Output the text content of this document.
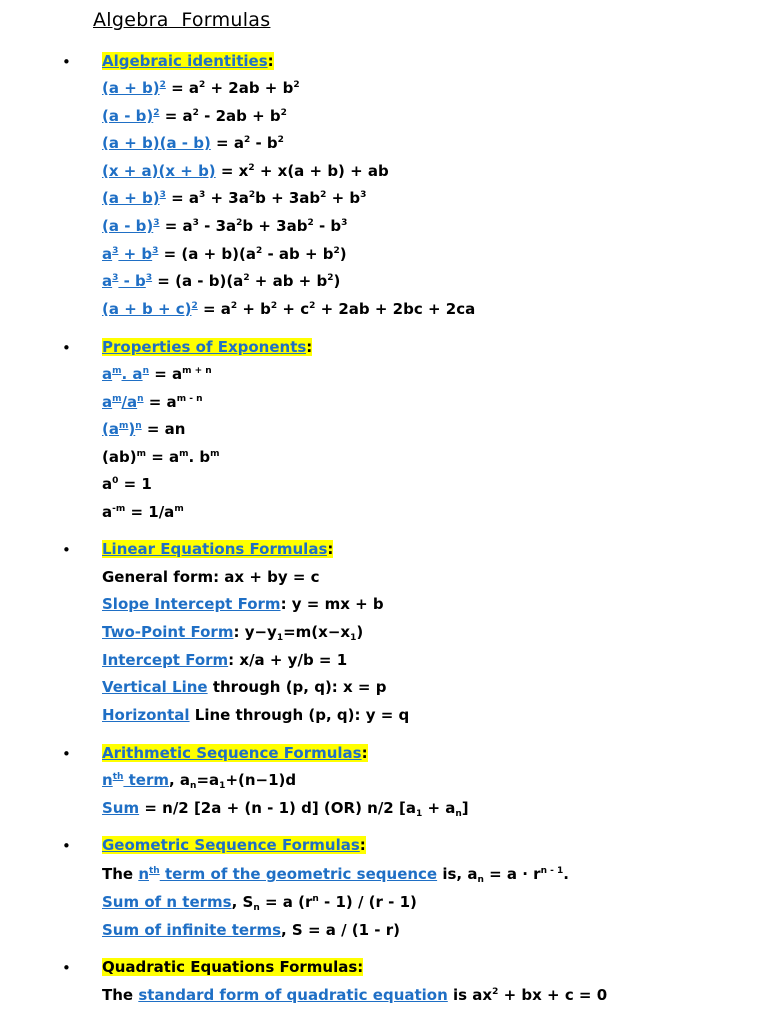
Algebra  Formulas
• Algebraic identities:
$(a + b)^2 = a^2 + 2ab + b^2$
$(a - b)^2 = a^2 - 2ab + b^2$
$(a + b)(a - b) = a^2 - b^2$
$(x + a)(x + b) = x^2 + x(a + b)$ + ab
$(a + b)^3 = a^3 + 3a^2b + 3ab^2 + b^3$
$(a - b)^3 = a^3 - 3a^2b + 3ab^2 - b^3$
$a^3 + b^3 = (a + b)(a^2$ - ab + $b^2$)
$a^3 - b^3 = (a - b)(a^2$ + ab + $b^2$)
$(a + b + c)^2 = a^2 + b^2 + c^2 + 2ab + 2bc + 2ca$
• Properties of Exponents:
$a^m$. $a^n = a^{m + n}$
$a^m/a^n = a^{m - n}$
$(a^m)^n$ = an
$(ab)^m = a^m$. $b^m$
$a^0 = 1$
$a^{-m} = 1/a^m$
• Linear Equations Formulas:
General form: ax + by = c
Slope Intercept Form: y = mx + b
Two-Point Form: $y-y_1=m(x-x_1)$
Intercept Form: x/a + y/b = 1
Vertical Line through (p, q): x = p
Horizontal Line through (p, q): y = q
• Arithmetic Sequence Formulas:
$n^{th}$ term, $a_n=a_1+(n-1)d$
Sum = n/2 [2a + (n - 1) d] (OR) n/2 $[a_1 + a_n]$
• Geometric Sequence Formulas:
The $n^{th}$ term of the geometric sequence is, $a_n = a \cdot r^{n - 1}$.
Sum of n terms, $S_n = a$ $(r^n - 1) / (r - 1)$
Sum of infinite terms, S = a / (1 - r)
• Quadratic Equations Formulas:
The standard form of quadratic equation is $ax^2$ + bx + c = 0
